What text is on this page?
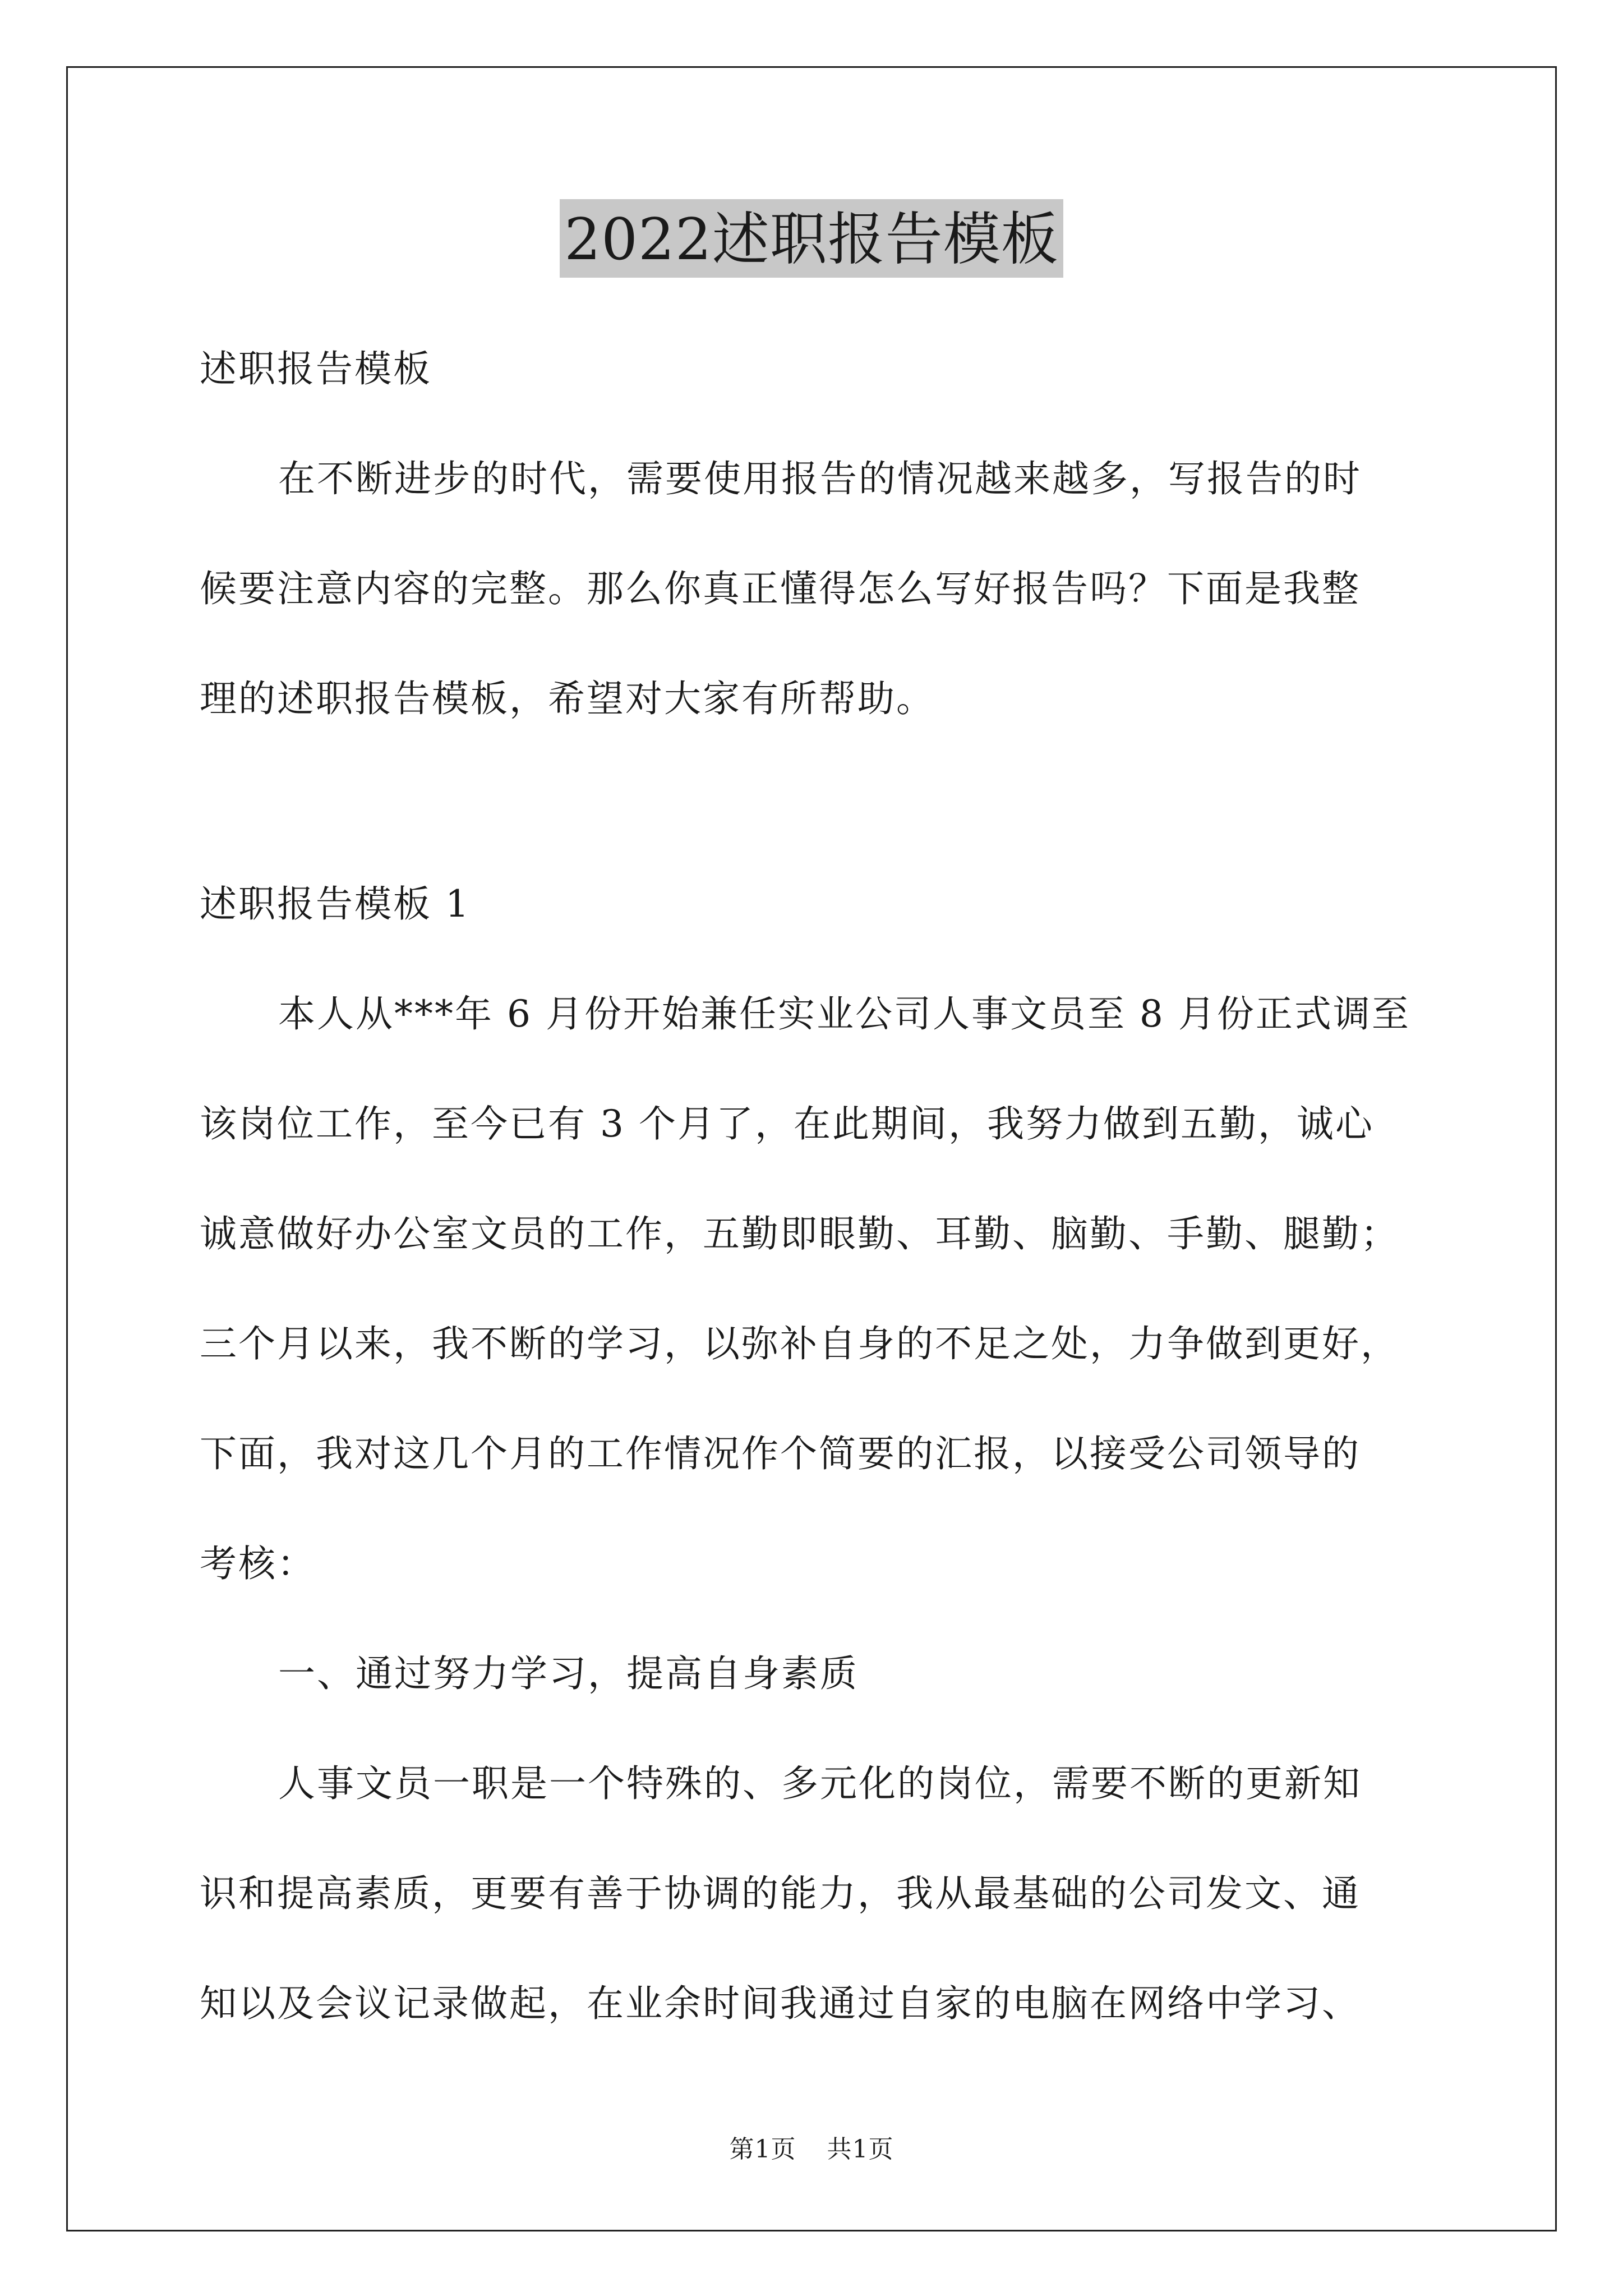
2022述职报告模板
述职报告模板
在不断进步的时代，需要使用报告的情况越来越多，写报告的时
候要注意内容的完整。那么你真正懂得怎么写好报告吗？下面是我整
理的述职报告模板，希望对大家有所帮助。
述职报告模板 1
本人从***年 6 月份开始兼任实业公司人事文员至 8 月份正式调至
该岗位工作，至今已有 3 个月了，在此期间，我努力做到五勤，诚心
诚意做好办公室文员的工作，五勤即眼勤、耳勤、脑勤、手勤、腿勤；
三个月以来，我不断的学习，以弥补自身的不足之处，力争做到更好，
下面，我对这几个月的工作情况作个简要的汇报，以接受公司领导的
考核：
一、通过努力学习，提高自身素质
人事文员一职是一个特殊的、多元化的岗位，需要不断的更新知
识和提高素质，更要有善于协调的能力，我从最基础的公司发文、通
知以及会议记录做起，在业余时间我通过自家的电脑在网络中学习、
第1页 共1页
